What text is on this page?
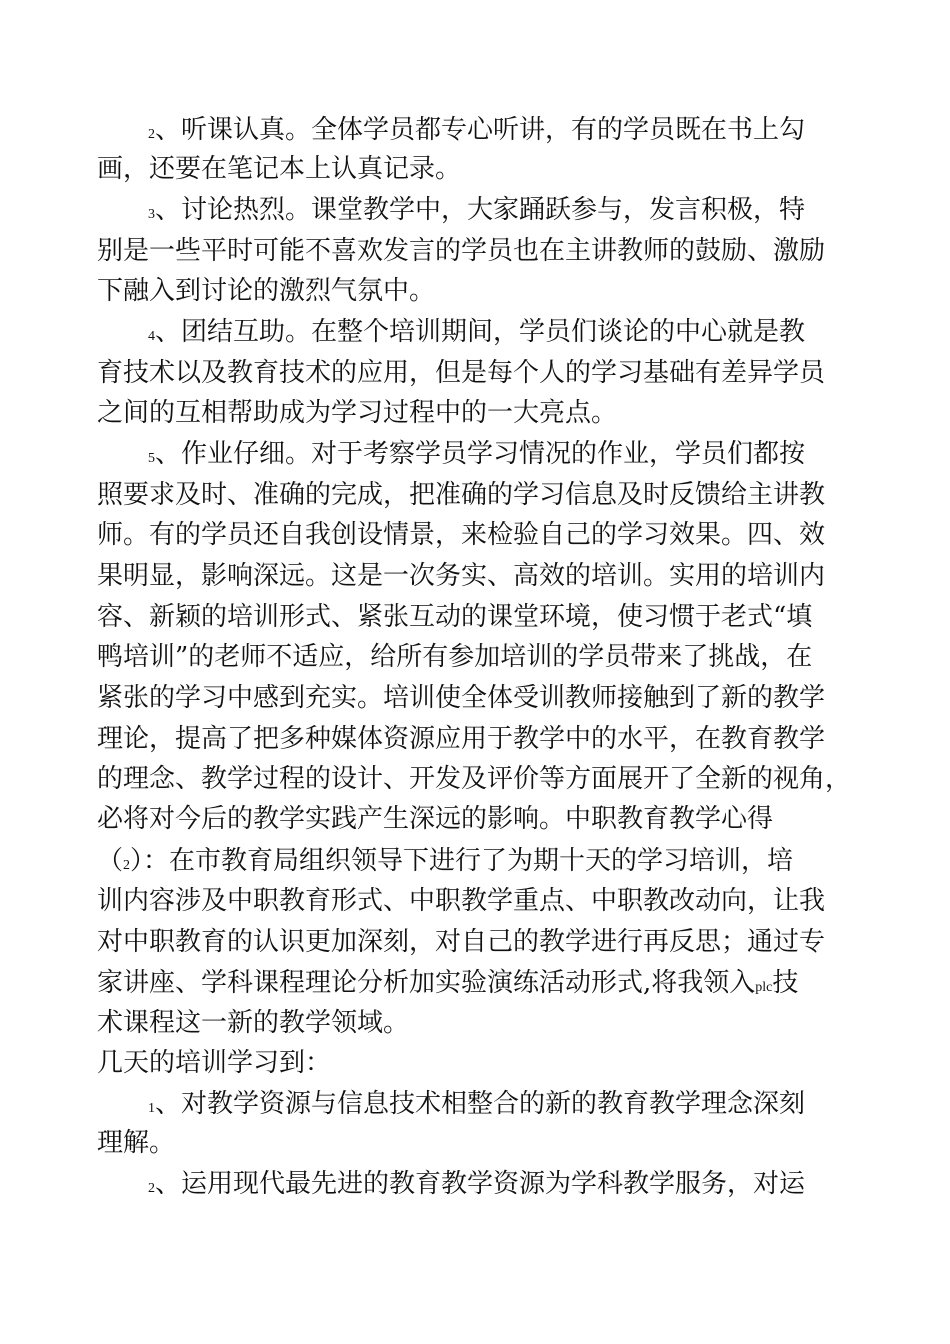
2、听课认真。全体学员都专心听讲，有的学员既在书上勾
画，还要在笔记本上认真记录。
3、讨论热烈。课堂教学中，大家踊跃参与，发言积极，特
别是一些平时可能不喜欢发言的学员也在主讲教师的鼓励、激励
下融入到讨论的激烈气氛中。
4、团结互助。在整个培训期间，学员们谈论的中心就是教
育技术以及教育技术的应用，但是每个人的学习基础有差异学员
之间的互相帮助成为学习过程中的一大亮点。
5、作业仔细。对于考察学员学习情况的作业，学员们都按
照要求及时、准确的完成，把准确的学习信息及时反馈给主讲教
师。有的学员还自我创设情景，来检验自己的学习效果。四、效
果明显，影响深远。这是一次务实、高效的培训。实用的培训内
容、新颖的培训形式、紧张互动的课堂环境，使习惯于老式“填
鸭培训”的老师不适应，给所有参加培训的学员带来了挑战，在
紧张的学习中感到充实。培训使全体受训教师接触到了新的教学
理论，提高了把多种媒体资源应用于教学中的水平，在教育教学
的理念、教学过程的设计、开发及评价等方面展开了全新的视角，
必将对今后的教学实践产生深远的影响。中职教育教学心得
（2）：在市教育局组织领导下进行了为期十天的学习培训，培
训内容涉及中职教育形式、中职教学重点、中职教改动向，让我
对中职教育的认识更加深刻，对自己的教学进行再反思；通过专
家讲座、学科课程理论分析加实验演练活动形式,将我领入plc技
术课程这一新的教学领域。
几天的培训学习到：
1、对教学资源与信息技术相整合的新的教育教学理念深刻
理解。
2、运用现代最先进的教育教学资源为学科教学服务，对运
